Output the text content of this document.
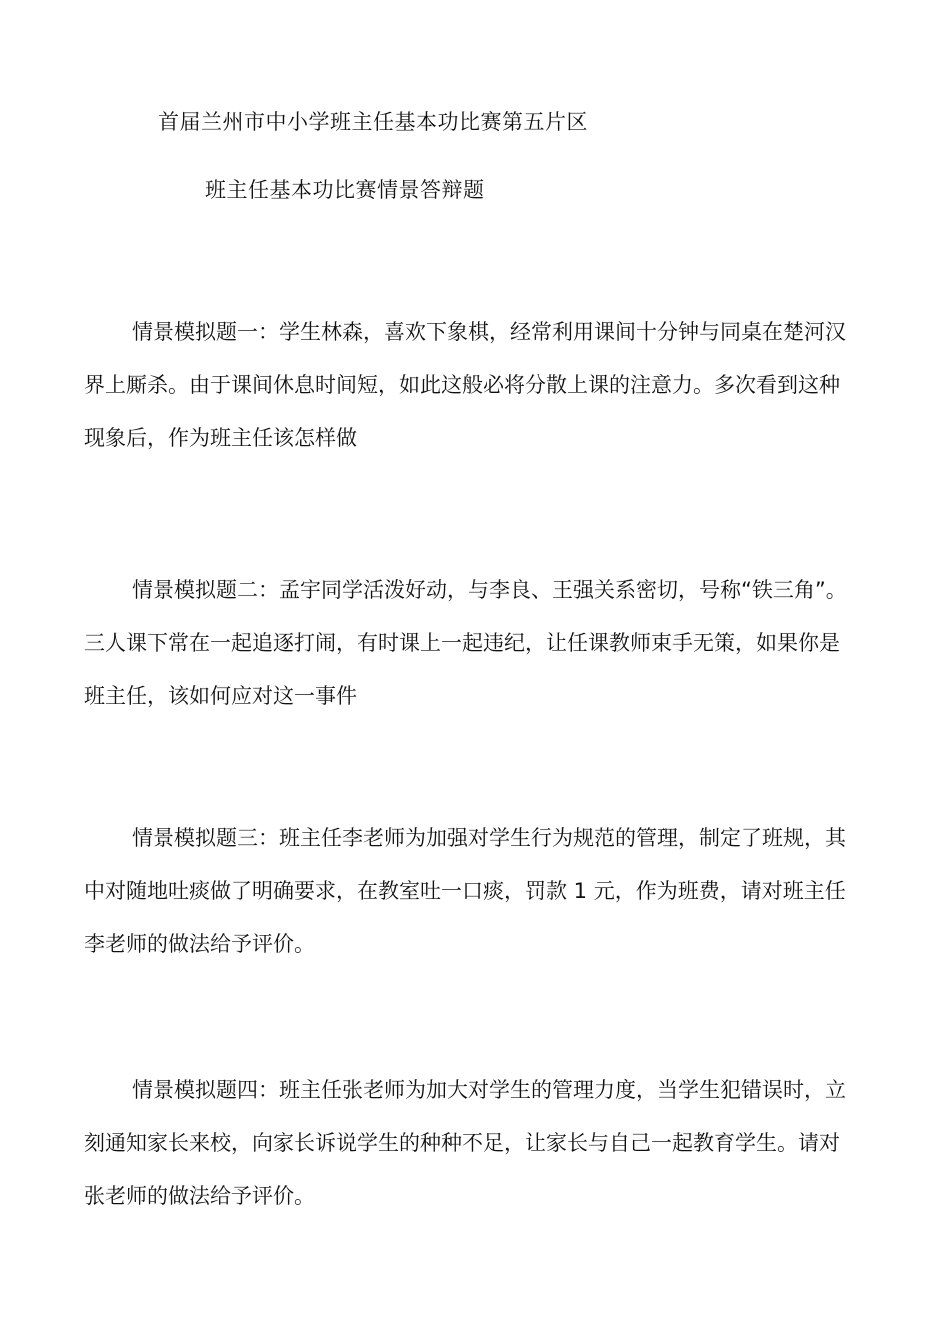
首届兰州市中小学班主任基本功比赛第五片区
班主任基本功比赛情景答辩题
情景模拟题一：学生林森，喜欢下象棋，经常利用课间十分钟与同桌在楚河汉
界上厮杀。由于课间休息时间短，如此这般必将分散上课的注意力。多次看到这种
现象后，作为班主任该怎样做
情景模拟题二：孟宇同学活泼好动，与李良、王强关系密切，号称“铁三角”。
三人课下常在一起追逐打闹，有时课上一起违纪，让任课教师束手无策，如果你是
班主任，该如何应对这一事件
情景模拟题三：班主任李老师为加强对学生行为规范的管理，制定了班规，其
中对随地吐痰做了明确要求，在教室吐一口痰，罚款 1 元，作为班费，请对班主任
李老师的做法给予评价。
情景模拟题四：班主任张老师为加大对学生的管理力度，当学生犯错误时，立
刻通知家长来校，向家长诉说学生的种种不足，让家长与自己一起教育学生。请对
张老师的做法给予评价。
